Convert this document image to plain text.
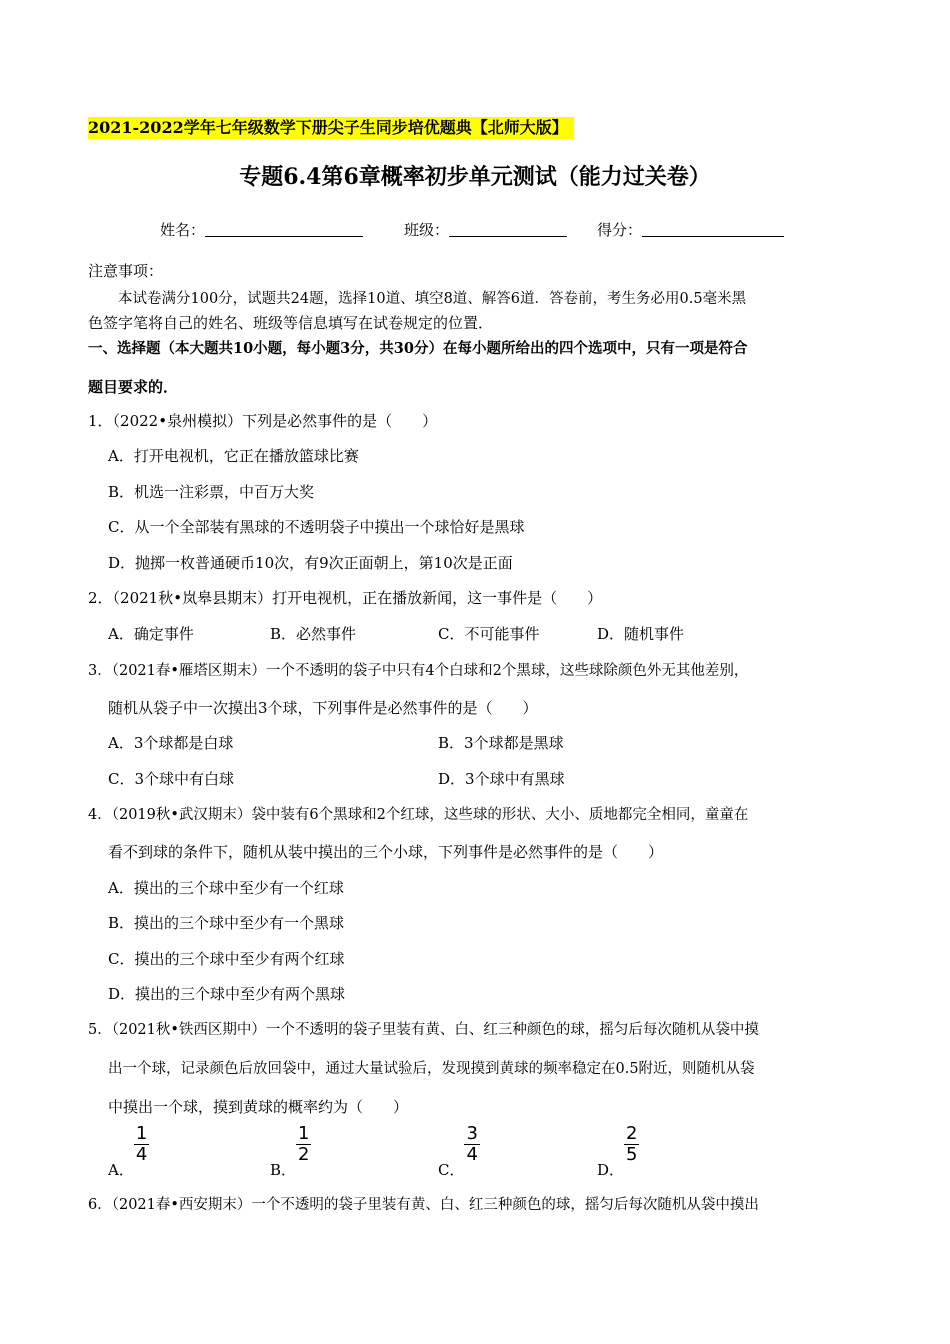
2021-2022学年七年级数学下册尖子生同步培优题典【北师大版】
专题6.4第6章概率初步单元测试（能力过关卷）
姓名：	班级：	得分：
注意事项：
本试卷满分100分，试题共24题，选择10道、填空8道、解答6道．答卷前，考生务必用0.5毫米黑
色签字笔将自己的姓名、班级等信息填写在试卷规定的位置．
一、选择题（本大题共10小题，每小题3分，共30分）在每小题所给出的四个选项中，只有一项是符合
题目要求的．
1．（2022•泉州模拟）下列是必然事件的是（　　）
A．打开电视机，它正在播放篮球比赛
B．机选一注彩票，中百万大奖
C．从一个全部装有黑球的不透明袋子中摸出一个球恰好是黑球
D．抛掷一枚普通硬币10次，有9次正面朝上，第10次是正面
2．（2021秋•岚皋县期末）打开电视机，正在播放新闻，这一事件是（　　）
A．确定事件	B．必然事件	C．不可能事件	D．随机事件
3．（2021春•雁塔区期末）一个不透明的袋子中只有4个白球和2个黑球，这些球除颜色外无其他差别，
随机从袋子中一次摸出3个球，下列事件是必然事件的是（　　）
A．3个球都是白球	B．3个球都是黑球
C．3个球中有白球	D．3个球中有黑球
4．（2019秋•武汉期末）袋中装有6个黑球和2个红球，这些球的形状、大小、质地都完全相同，童童在
看不到球的条件下，随机从装中摸出的三个小球，下列事件是必然事件的是（　　）
A．摸出的三个球中至少有一个红球
B．摸出的三个球中至少有一个黑球
C．摸出的三个球中至少有两个红球
D．摸出的三个球中至少有两个黑球
5．（2021秋•铁西区期中）一个不透明的袋子里装有黄、白、红三种颜色的球，摇匀后每次随机从袋中摸
出一个球，记录颜色后放回袋中，通过大量试验后，发现摸到黄球的频率稳定在0.5附近，则随机从袋
中摸出一个球，摸到黄球的概率约为（　　）
A．
$\frac{1}{4}$
B．
$\frac{1}{2}$
C．
$\frac{3}{4}$
D．
$\frac{2}{5}$
6．（2021春•西安期末）一个不透明的袋子里装有黄、白、红三种颜色的球，摇匀后每次随机从袋中摸出
